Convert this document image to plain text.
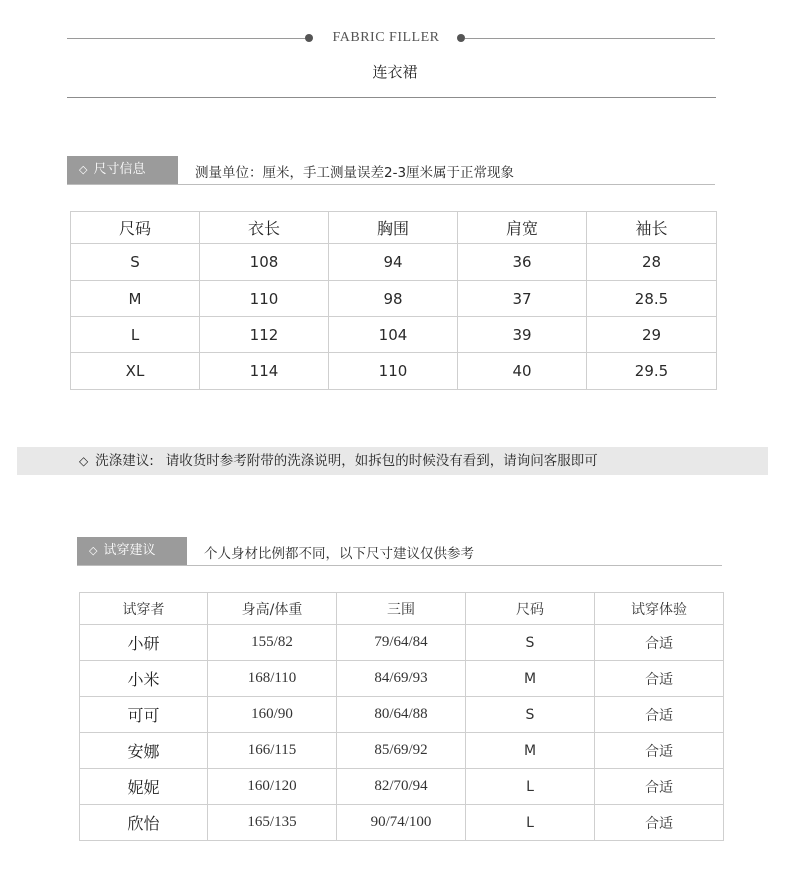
FABRIC FILLER
连衣裙
◇ 尺寸信息	测量单位：厘米，手工测量误差2-3厘米属于正常现象
尺码	衣长	胸围	肩宽	袖长
S	108	94	36	28
M	110	98	37	28.5
L	112	104	39	29
XL	114	110	40	29.5
◇ 洗涤建议: 请收货时参考附带的洗涤说明，如拆包的时候没有看到，请询问客服即可
◇ 试穿建议	个人身材比例都不同，以下尺寸建议仅供参考
试穿者	身高/体重	三围	尺码	试穿体验
小研	155/82	79/64/84	S	合适
小米	168/110	84/69/93	M	合适
可可	160/90	80/64/88	S	合适
安娜	166/115	85/69/92	M	合适
妮妮	160/120	82/70/94	L	合适
欣怡	165/135	90/74/100	L	合适
